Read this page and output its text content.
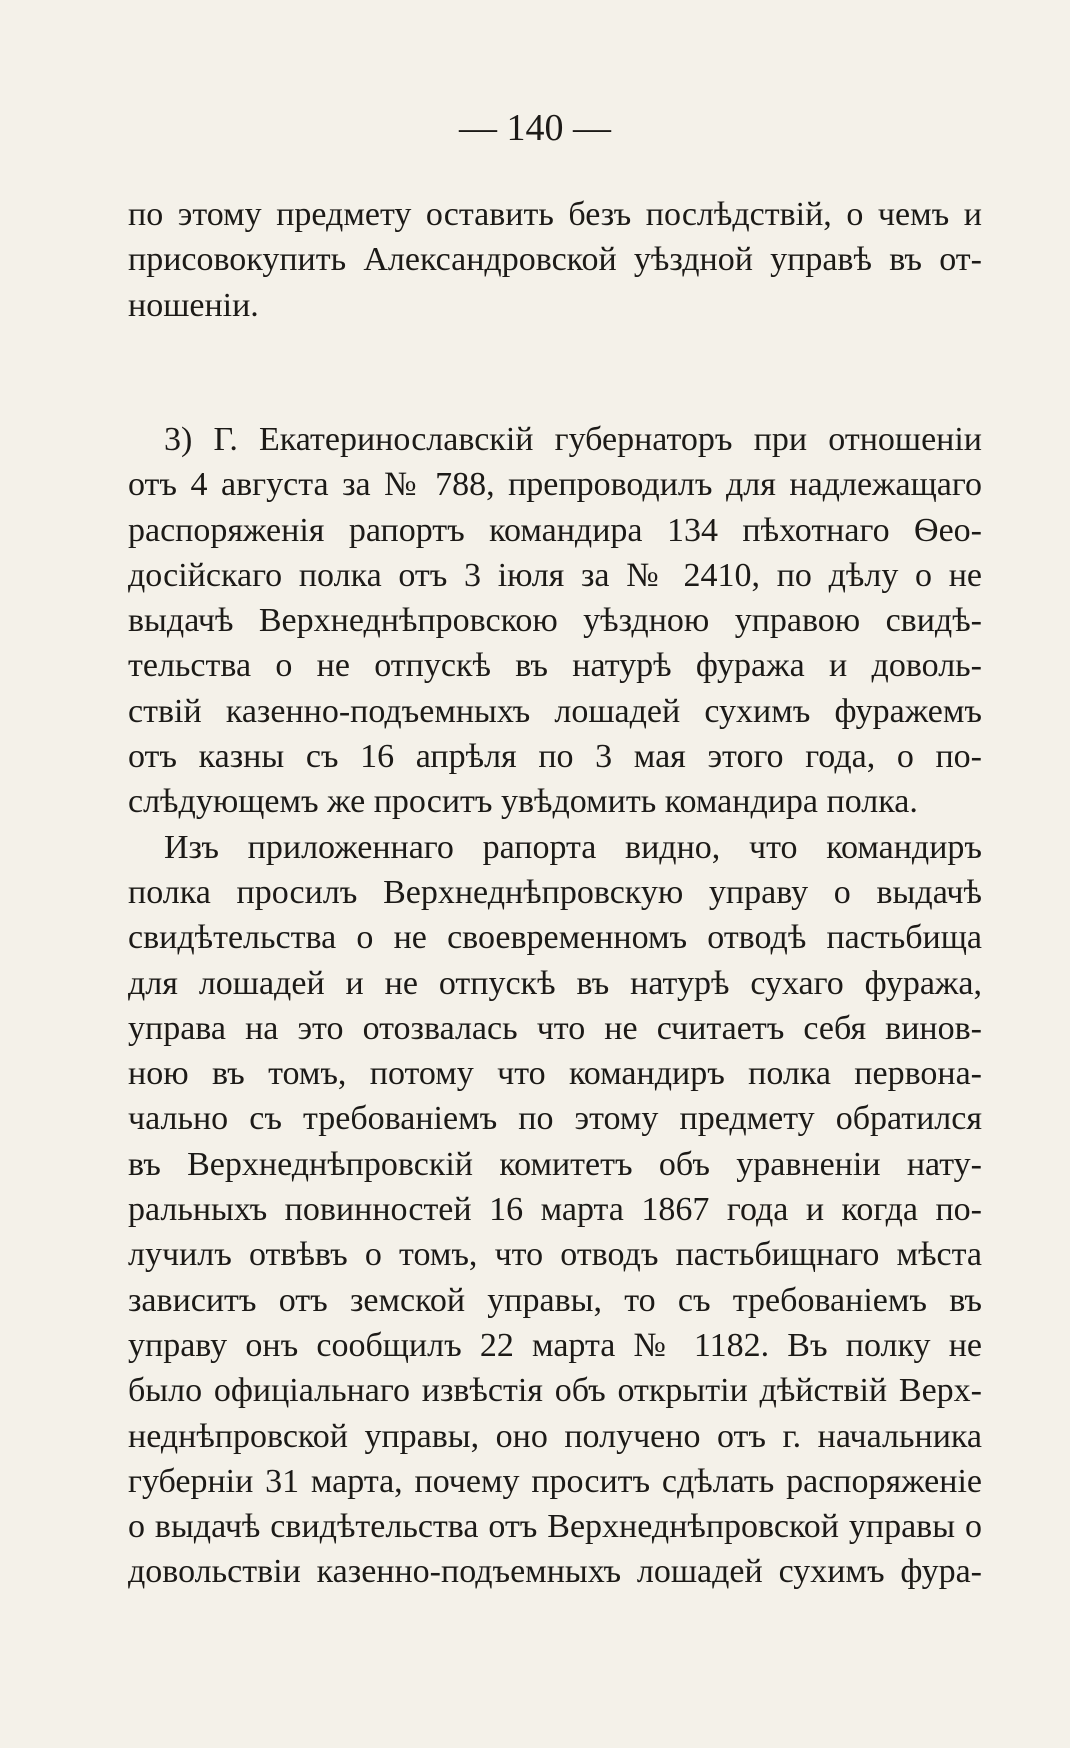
— 140 —
по этому предмету оставить безъ послѣдствій, о чемъ и
присовокупить Александровской уѣздной управѣ въ от-
ношеніи.
3) Г. Екатеринославскій губернаторъ при отношеніи
отъ 4 августа за № 788, препроводилъ для надлежащаго
распоряженія рапортъ командира 134 пѣхотнаго Ѳео-
досійскаго полка отъ 3 іюля за № 2410, по дѣлу о не
выдачѣ Верхнеднѣпровскою уѣздною управою свидѣ-
тельства о не отпускѣ въ натурѣ фуража и доволь-
ствій казенно-подъемныхъ лошадей сухимъ фуражемъ
отъ казны съ 16 апрѣля по 3 мая этого года, о по-
слѣдующемъ же проситъ увѣдомить командира полка.
Изъ приложеннаго рапорта видно, что командиръ
полка просилъ Верхнеднѣпровскую управу о выдачѣ
свидѣтельства о не своевременномъ отводѣ пастьбища
для лошадей и не отпускѣ въ натурѣ сухаго фуража,
управа на это отозвалась что не считаетъ себя винов-
ною въ томъ, потому что командиръ полка первона-
чально съ требованіемъ по этому предмету обратился
въ Верхнеднѣпровскій комитетъ объ уравненіи нату-
ральныхъ повинностей 16 марта 1867 года и когда по-
лучилъ отвѣвъ о томъ, что отводъ пастьбищнаго мѣста
зависитъ отъ земской управы, то съ требованіемъ въ
управу онъ сообщилъ 22 марта № 1182. Въ полку не
было офиціальнаго извѣстія объ открытіи дѣйствій Верх-
неднѣпровской управы, оно получено отъ г. начальника
губерніи 31 марта, почему проситъ сдѣлать распоряженіе
о выдачѣ свидѣтельства отъ Верхнеднѣпровской управы о
довольствіи казенно-подъемныхъ лошадей сухимъ фура-
